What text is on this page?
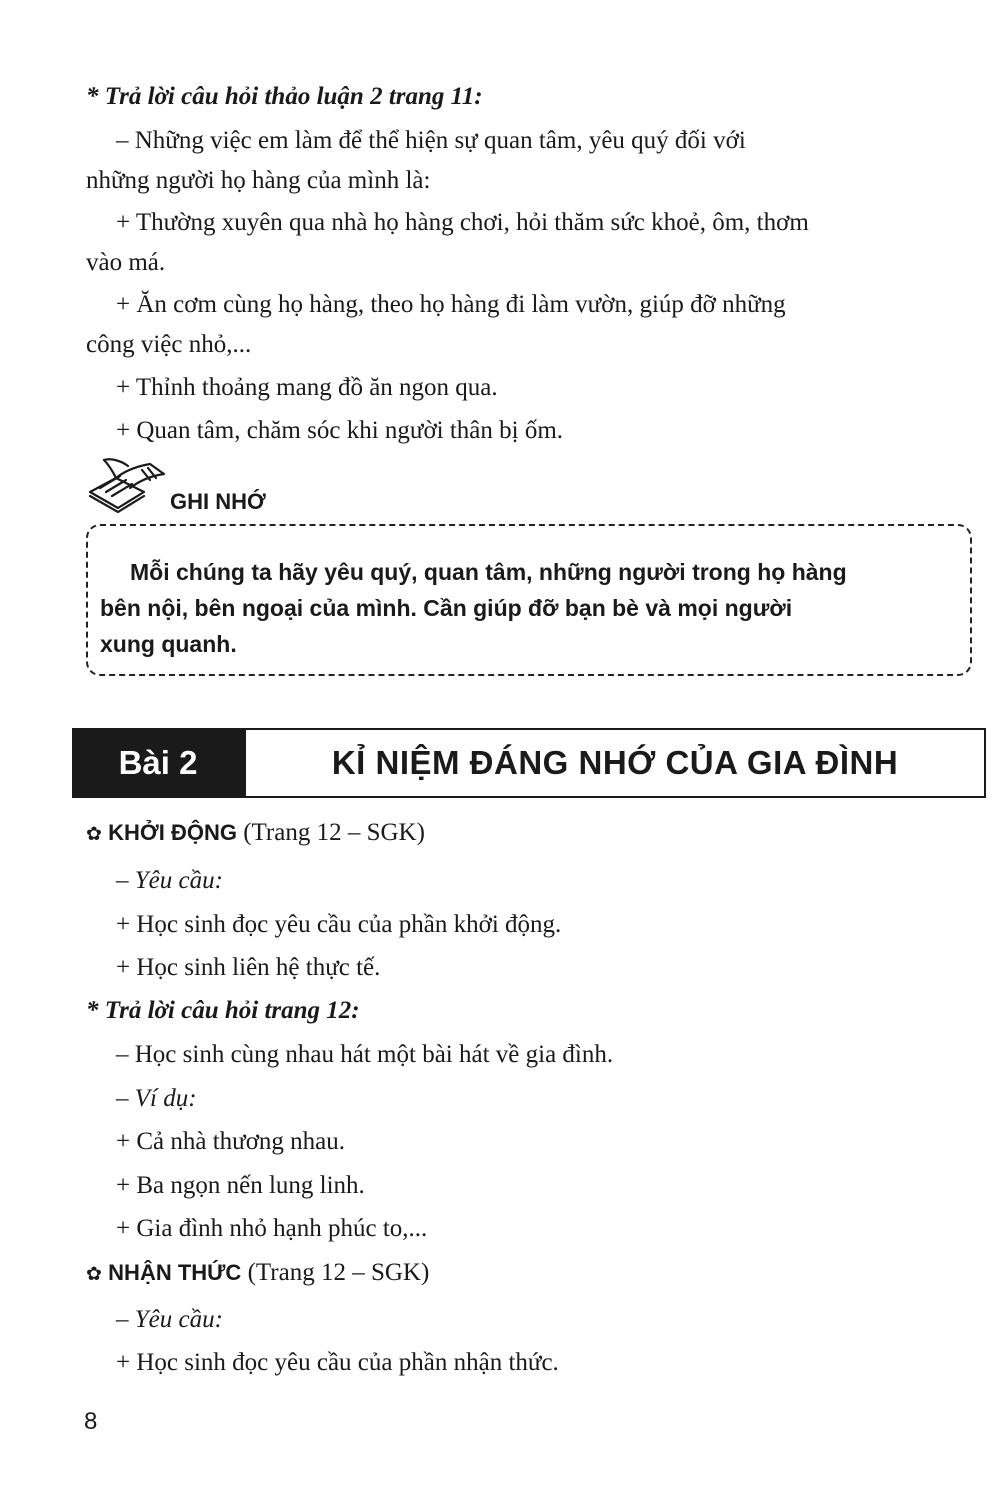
* Trả lời câu hỏi thảo luận 2 trang 11:
– Những việc em làm để thể hiện sự quan tâm, yêu quý đối với
những người họ hàng của mình là:
+ Thường xuyên qua nhà họ hàng chơi, hỏi thăm sức khoẻ, ôm, thơm
vào má.
+ Ăn cơm cùng họ hàng, theo họ hàng đi làm vườn, giúp đỡ những
công việc nhỏ,...
+ Thỉnh thoảng mang đồ ăn ngon qua.
+ Quan tâm, chăm sóc khi người thân bị ốm.
GHI NHỚ
Mỗi chúng ta hãy yêu quý, quan tâm, những người trong họ hàng
bên nội, bên ngoại của mình. Cần giúp đỡ bạn bè và mọi người
xung quanh.
Bài 2	KỈ NIỆM ĐÁNG NHỚ CỦA GIA ĐÌNH
✿ KHỞI ĐỘNG (Trang 12 – SGK)
– Yêu cầu:
+ Học sinh đọc yêu cầu của phần khởi động.
+ Học sinh liên hệ thực tế.
* Trả lời câu hỏi trang 12:
– Học sinh cùng nhau hát một bài hát về gia đình.
– Ví dụ:
+ Cả nhà thương nhau.
+ Ba ngọn nến lung linh.
+ Gia đình nhỏ hạnh phúc to,...
✿ NHẬN THỨC (Trang 12 – SGK)
– Yêu cầu:
+ Học sinh đọc yêu cầu của phần nhận thức.
8
